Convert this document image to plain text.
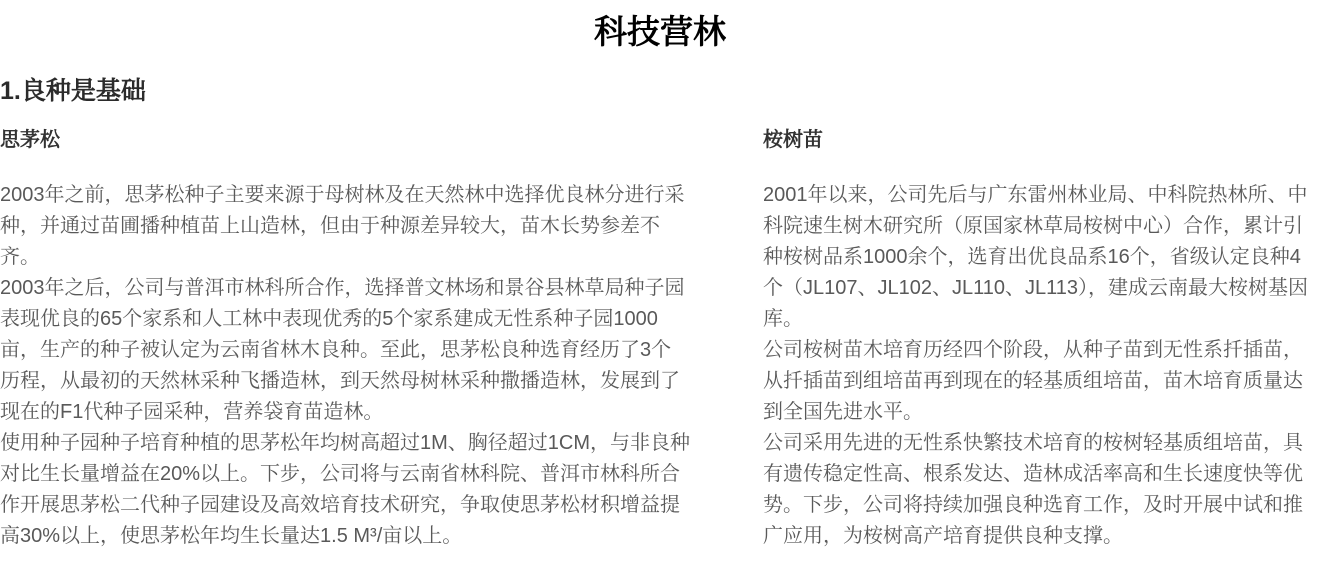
科技营林
1.良种是基础
思茅松

2003年之前，思茅松种子主要来源于母树林及在天然林中选择优良林分进行采种，并通过苗圃播种植苗上山造林，但由于种源差异较大，苗木长势参差不齐。

2003年之后，公司与普洱市林科所合作，选择普文林场和景谷县林草局种子园表现优良的65个家系和人工林中表现优秀的5个家系建成无性系种子园1000亩，生产的种子被认定为云南省林木良种。至此，思茅松良种选育经历了3个历程，从最初的天然林采种飞播造林，到天然母树林采种撒播造林，发展到了现在的F1代种子园采种，营养袋育苗造林。

使用种子园种子培育种植的思茅松年均树高超过1M、胸径超过1CM，与非良种对比生长量增益在20%以上。下步，公司将与云南省林科院、普洱市林科所合作开展思茅松二代种子园建设及高效培育技术研究，争取使思茅松材积增益提高30%以上，使思茅松年均生长量达1.5 M³/亩以上。

桉树苗

2001年以来，公司先后与广东雷州林业局、中科院热林所、中科院速生树木研究所（原国家林草局桉树中心）合作，累计引种桉树品系1000余个，选育出优良品系16个，省级认定良种4个（JL107、JL102、JL110、JL113），建成云南最大桉树基因库。

公司桉树苗木培育历经四个阶段，从种子苗到无性系扦插苗，从扦插苗到组培苗再到现在的轻基质组培苗，苗木培育质量达到全国先进水平。

公司采用先进的无性系快繁技术培育的桉树轻基质组培苗，具有遗传稳定性高、根系发达、造林成活率高和生长速度快等优势。下步，公司将持续加强良种选育工作，及时开展中试和推广应用，为桉树高产培育提供良种支撑。
